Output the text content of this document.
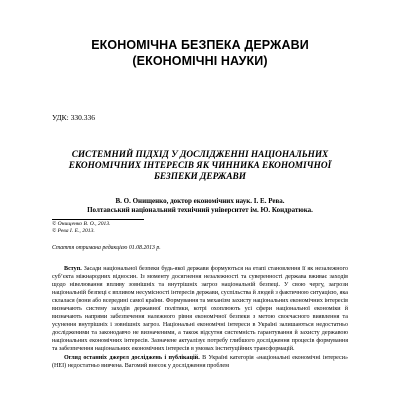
ЕКОНОМІЧНА БЕЗПЕКА ДЕРЖАВИ
(ЕКОНОМІЧНІ НАУКИ)
УДК: 330.336
СИСТЕМНИЙ ПІДХІД У ДОСЛІДЖЕННІ НАЦІОНАЛЬНИХ
ЕКОНОМІЧНИХ ІНТЕРЕСІВ ЯК ЧИННИКА ЕКОНОМІЧНОЇ
БЕЗПЕКИ ДЕРЖАВИ
В. О. Онищенко, доктор економічних наук. І. Е. Рева.
Полтавський національний технічний університет ім. Ю. Кондратюка.
© Онищенко В. О., 2013.
© Рева І. Е., 2013.
Стаття отримана редакцією 01.08.2013 р.

Вступ. Засади національної безпеки будь-якої держави формуються на етапі становлення її як незалежного суб’єкта міжнародних відносин. Із моменту досягнення незалежності та суверенності держава вживає заходів щодо нівелювання впливу зовнішніх та внутрішніх загроз національній безпеці. У свою чергу, загрози національній безпеці є впливом несумісності інтересів держави, суспільства й людей з фактичною ситуацією, яка склалася (вони або всередині самої країни. Формування та механізм захисту національних економічних інтересів визначають систему заходів державної політики, котрі охоплюють усі сфери національної економіки й визначають напрями забезпечення належного рівня економічної безпеки з метою своєчасного виявлення та усунення внутрішніх і зовнішніх загроз. Національні економічні інтереси в Україні залишаються недостатньо дослідженими та законодавчо не визначеними, а також відсутня системність гарантування й захисту державою національних економічних інтересів. Зазначене актуалізує потребу глибшого дослідження процесів формування та забезпечення національних економічних інтересів в умовах інституційних трансформацій.

Огляд останніх джерел досліджень і публікацій. В Україні категорія «національні економічні інтереси» (НЕІ) недостатньо вивчена. Вагомий внесок у дослідження проблем
